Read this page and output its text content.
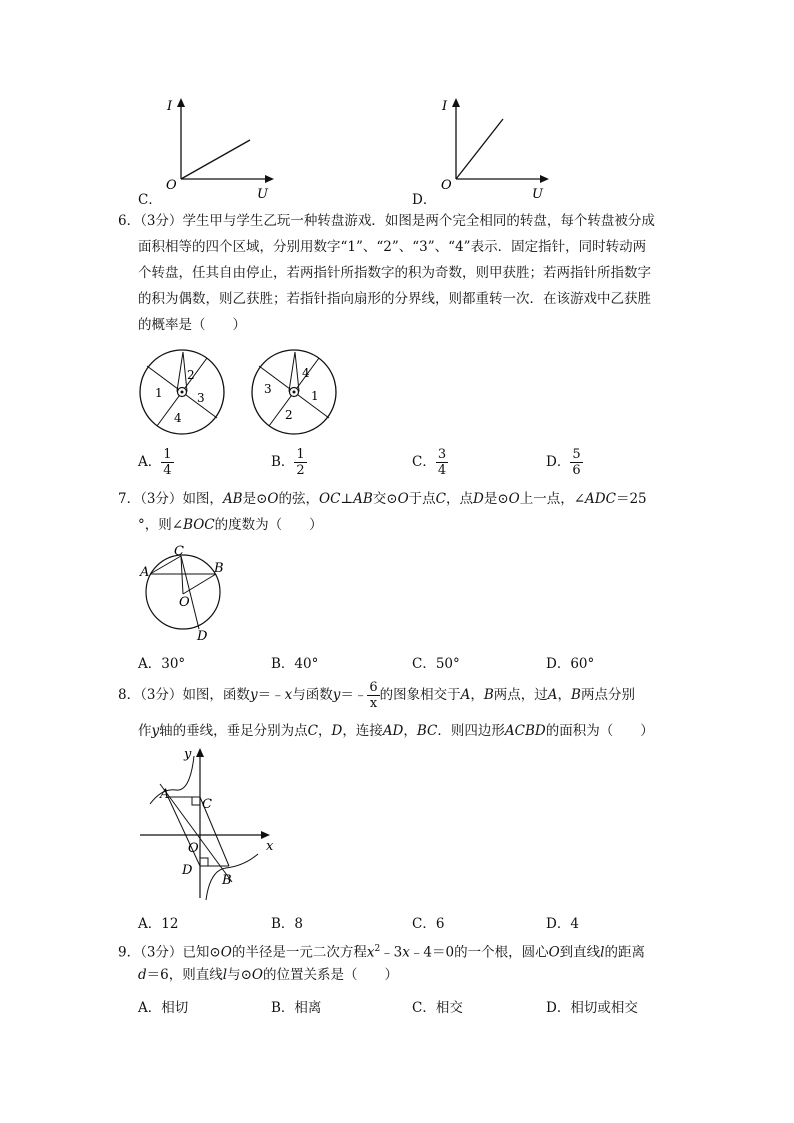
C．
I
O
U	D．
I
O
U
6．（3分）学生甲与学生乙玩一种转盘游戏．如图是两个完全相同的转盘，每个转盘被分成
面积相等的四个区域，分别用数字“1”、“2”、“3”、“4”表示．固定指针，同时转动两
个转盘，任其自由停止，若两指针所指数字的积为奇数，则甲获胜；若两指针所指数字
的积为偶数，则乙获胜；若指针指向扇形的分界线，则都重转一次．在该游戏中乙获胜
的概率是（　　）
1
2
3
4
3
4
1
2
A． $\frac{1}{4}$	B． $\frac{1}{2}$	C． $\frac{3}{4}$	D． $\frac{5}{6}$
7．（3分）如图，AB是⊙O的弦，OC⊥AB交⊙O于点C，点D是⊙O上一点，∠ADC＝25
°，则∠BOC的度数为（　　）
C
A	B
O
D
A．30°	B．40°	C．50°	D．60°
8．（3分）如图，函数y＝﹣x与函数y＝﹣ $\frac{6}{x}$ 的图象相交于A，B两点，过A，B两点分别
作y轴的垂线，垂足分别为点C，D，连接AD，BC．则四边形ACBD的面积为（　　）
y
x
A
C
O
D
B
A．12	B．8	C．6	D．4
9．（3分）已知⊙O的半径是一元二次方程$x^2﹣3x﹣4=0$的一个根，圆心O到直线l的距离
d＝6，则直线l与⊙O的位置关系是（　　）
A．相切	B．相离	C．相交	D．相切或相交
